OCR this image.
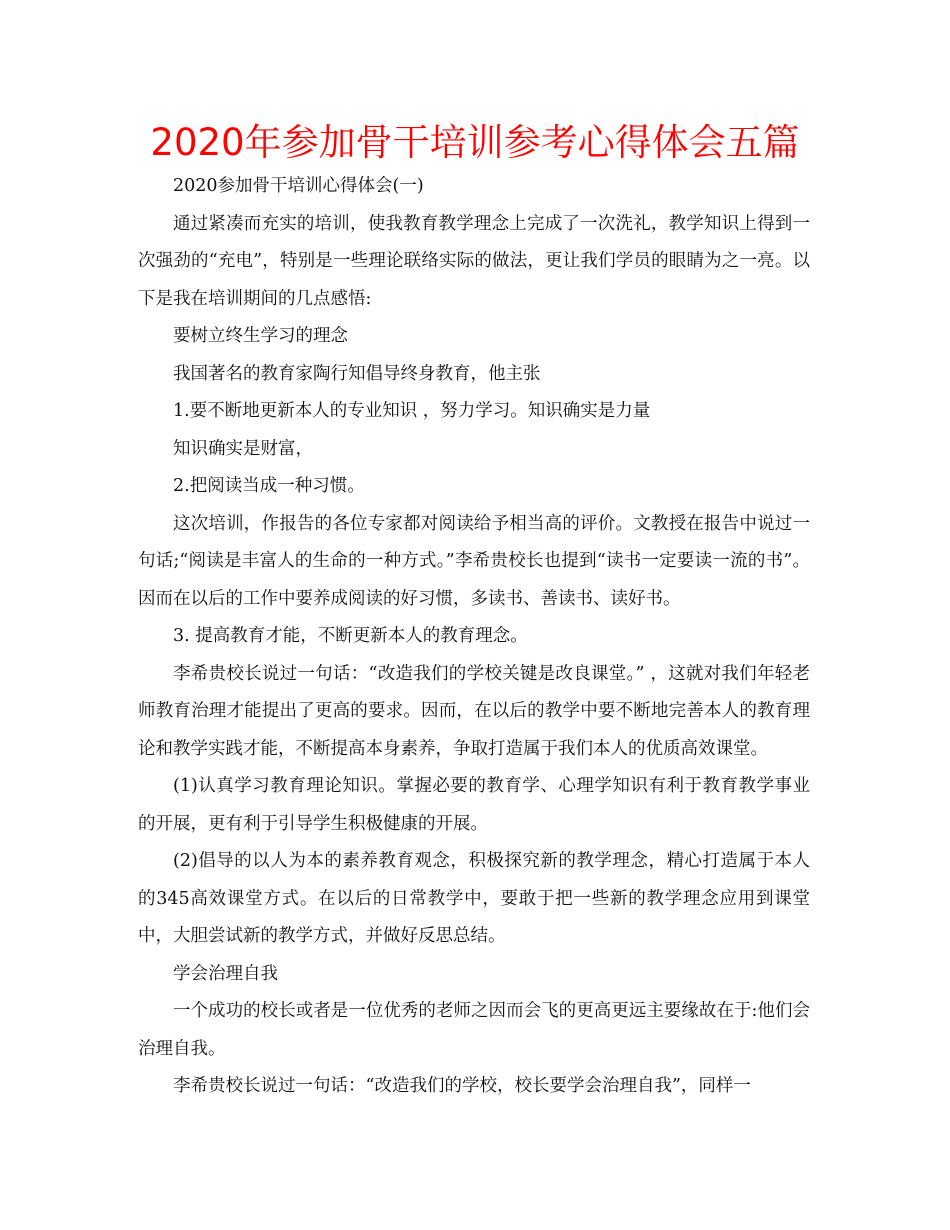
2020年参加骨干培训参考心得体会五篇

2020参加骨干培训心得体会(一)

通过紧凑而充实的培训，使我教育教学理念上完成了一次洗礼，教学知识上得到一次强劲的“充电”，特别是一些理论联络实际的做法，更让我们学员的眼睛为之一亮。以下是我在培训期间的几点感悟:

要树立终生学习的理念

我国著名的教育家陶行知倡导终身教育，他主张

1.要不断地更新本人的专业知识 ，努力学习。知识确实是力量

知识确实是财富，

2.把阅读当成一种习惯。

这次培训，作报告的各位专家都对阅读给予相当高的评价。文教授在报告中说过一句话;“阅读是丰富人的生命的一种方式。”李希贵校长也提到“读书一定要读一流的书”。因而在以后的工作中要养成阅读的好习惯，多读书、善读书、读好书。

3. 提高教育才能，不断更新本人的教育理念。

李希贵校长说过一句话：“改造我们的学校关键是改良课堂。” ，这就对我们年轻老师教育治理才能提出了更高的要求。因而，在以后的教学中要不断地完善本人的教育理论和教学实践才能，不断提高本身素养，争取打造属于我们本人的优质高效课堂。

(1)认真学习教育理论知识。掌握必要的教育学、心理学知识有利于教育教学事业的开展，更有利于引导学生积极健康的开展。

(2)倡导的以人为本的素养教育观念，积极探究新的教学理念，精心打造属于本人的345高效课堂方式。在以后的日常教学中，要敢于把一些新的教学理念应用到课堂中，大胆尝试新的教学方式，并做好反思总结。

学会治理自我

一个成功的校长或者是一位优秀的老师之因而会飞的更高更远主要缘故在于:他们会治理自我。

李希贵校长说过一句话：“改造我们的学校，校长要学会治理自我”，同样一
